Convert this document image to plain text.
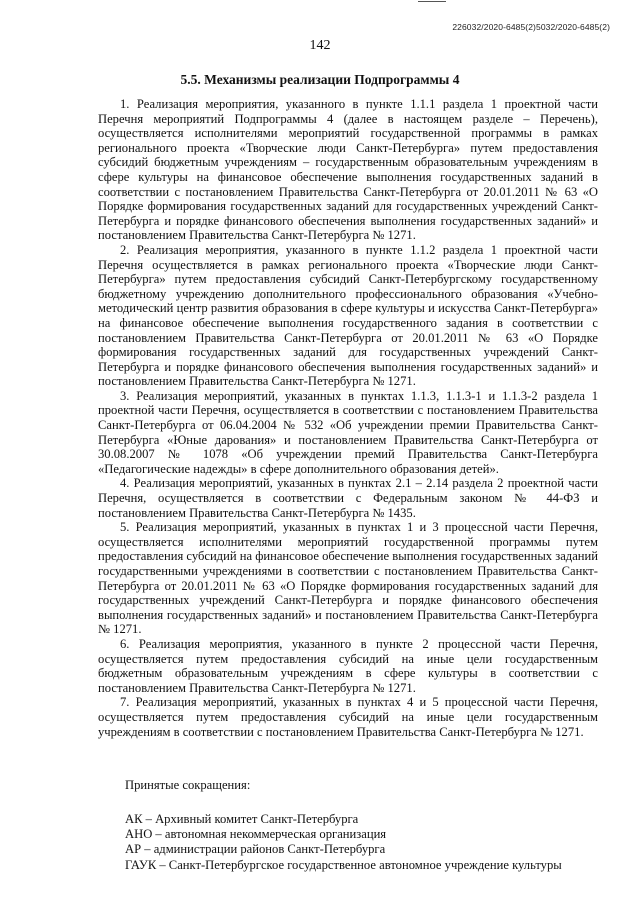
226032/2020-6485(2)5032/2020-6485(2)
142
5.5. Механизмы реализации Подпрограммы 4

1. Реализация мероприятия, указанного в пункте 1.1.1 раздела 1 проектной части Перечня мероприятий Подпрограммы 4 (далее в настоящем разделе – Перечень), осуществляется исполнителями мероприятий государственной программы в рамках регионального проекта «Творческие люди Санкт-Петербурга» путем предоставления субсидий бюджетным учреждениям – государственным образовательным учреждениям в сфере культуры на финансовое обеспечение выполнения государственных заданий в соответствии с постановлением Правительства Санкт-Петербурга от 20.01.2011 № 63 «О Порядке формирования государственных заданий для государственных учреждений Санкт-Петербурга и порядке финансового обеспечения выполнения государственных заданий» и постановлением Правительства Санкт-Петербурга № 1271.

2. Реализация мероприятия, указанного в пункте 1.1.2 раздела 1 проектной части Перечня осуществляется в рамках регионального проекта «Творческие люди Санкт-Петербурга» путем предоставления субсидий Санкт-Петербургскому государственному бюджетному учреждению дополнительного профессионального образования «Учебно-методический центр развития образования в сфере культуры и искусства Санкт-Петербурга» на финансовое обеспечение выполнения государственного задания в соответствии с постановлением Правительства Санкт-Петербурга от 20.01.2011 № 63 «О Порядке формирования государственных заданий для государственных учреждений Санкт-Петербурга и порядке финансового обеспечения выполнения государственных заданий» и постановлением Правительства Санкт-Петербурга № 1271.

3. Реализация мероприятий, указанных в пунктах 1.1.3, 1.1.3-1 и 1.1.3-2 раздела 1 проектной части Перечня, осуществляется в соответствии с постановлением Правительства Санкт-Петербурга от 06.04.2004 № 532 «Об учреждении премии Правительства Санкт-Петербурга «Юные дарования» и постановлением Правительства Санкт-Петербурга от 30.08.2007 № 1078 «Об учреждении премий Правительства Санкт-Петербурга «Педагогические надежды» в сфере дополнительного образования детей».

4. Реализация мероприятий, указанных в пунктах 2.1 – 2.14 раздела 2 проектной части Перечня, осуществляется в соответствии с Федеральным законом № 44-ФЗ и постановлением Правительства Санкт-Петербурга № 1435.

5. Реализация мероприятий, указанных в пунктах 1 и 3 процессной части Перечня, осуществляется исполнителями мероприятий государственной программы путем предоставления субсидий на финансовое обеспечение выполнения государственных заданий государственными учреждениями в соответствии с постановлением Правительства Санкт-Петербурга от 20.01.2011 № 63 «О Порядке формирования государственных заданий для государственных учреждений Санкт-Петербурга и порядке финансового обеспечения выполнения государственных заданий» и постановлением Правительства Санкт-Петербурга № 1271.

6. Реализация мероприятия, указанного в пункте 2 процессной части Перечня, осуществляется путем предоставления субсидий на иные цели государственным бюджетным образовательным учреждениям в сфере культуры в соответствии с постановлением Правительства Санкт-Петербурга № 1271.

7. Реализация мероприятий, указанных в пунктах 4 и 5 процессной части Перечня, осуществляется путем предоставления субсидий на иные цели государственным учреждениям в соответствии с постановлением Правительства Санкт-Петербурга № 1271.

Принятые сокращения:
АК – Архивный комитет Санкт-Петербурга
АНО – автономная некоммерческая организация
АР – администрации районов Санкт-Петербурга
ГАУК – Санкт-Петербургское государственное автономное учреждение культуры
